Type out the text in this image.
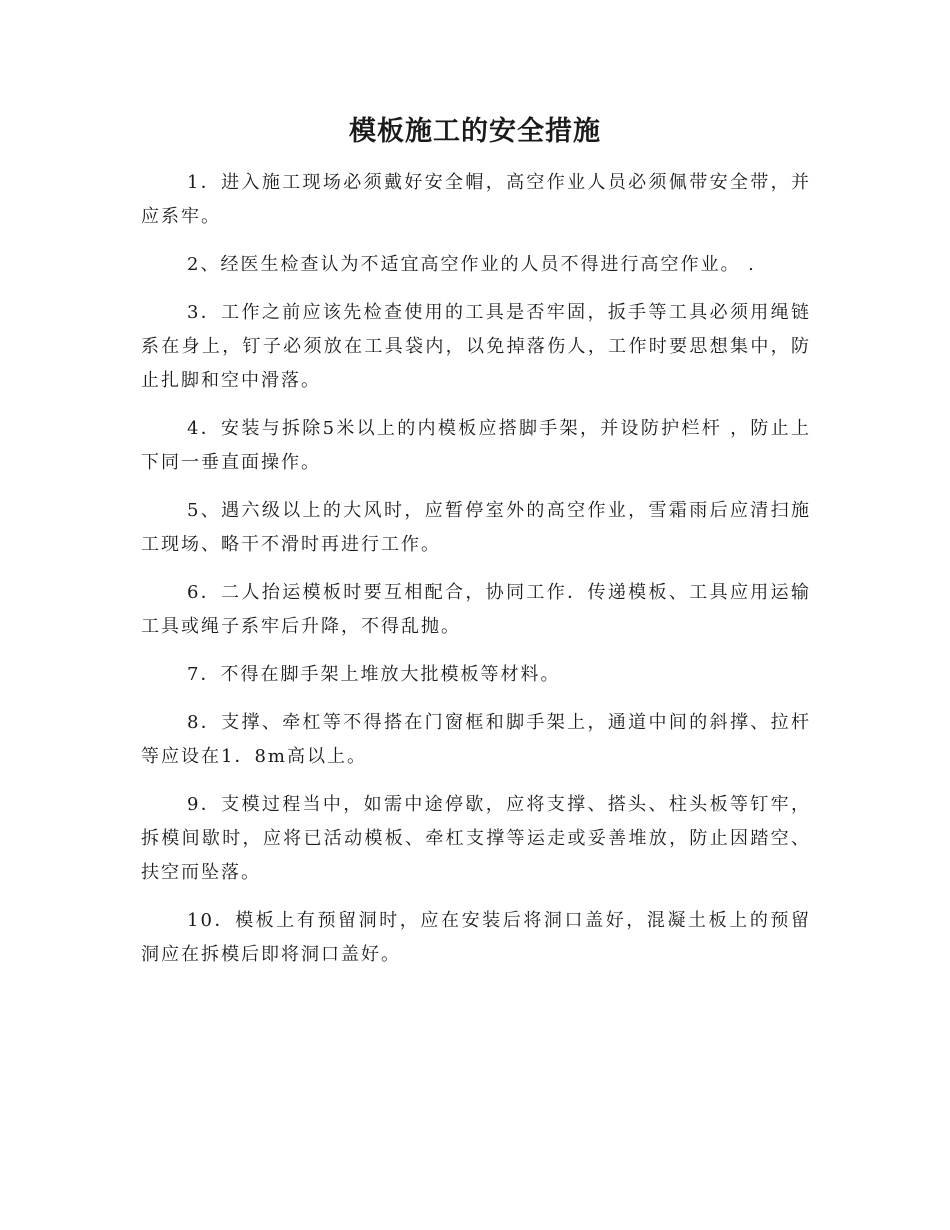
模板施工的安全措施

1．进入施工现场必须戴好安全帽，高空作业人员必须佩带安全带，并应系牢。

2、经医生检查认为不适宜高空作业的人员不得进行高空作业。 .

3．工作之前应该先检查使用的工具是否牢固，扳手等工具必须用绳链系在身上，钉子必须放在工具袋内，以免掉落伤人，工作时要思想集中，防止扎脚和空中滑落。

4．安装与拆除5米以上的内模板应搭脚手架，并设防护栏杆 ，防止上下同一垂直面操作。

5、遇六级以上的大风时，应暂停室外的高空作业，雪霜雨后应清扫施工现场、略干不滑时再进行工作。

6．二人抬运模板时要互相配合，协同工作．传递模板、工具应用运输工具或绳子系牢后升降，不得乱抛。

7．不得在脚手架上堆放大批模板等材料。

8．支撑、牵杠等不得搭在门窗框和脚手架上，通道中间的斜撑、拉杆等应设在1．8m高以上。

9．支模过程当中，如需中途停歇，应将支撑、搭头、柱头板等钉牢，拆模间歇时，应将已活动模板、牵杠支撑等运走或妥善堆放，防止因踏空、扶空而坠落。

10．模板上有预留洞时，应在安装后将洞口盖好，混凝土板上的预留洞应在拆模后即将洞口盖好。
